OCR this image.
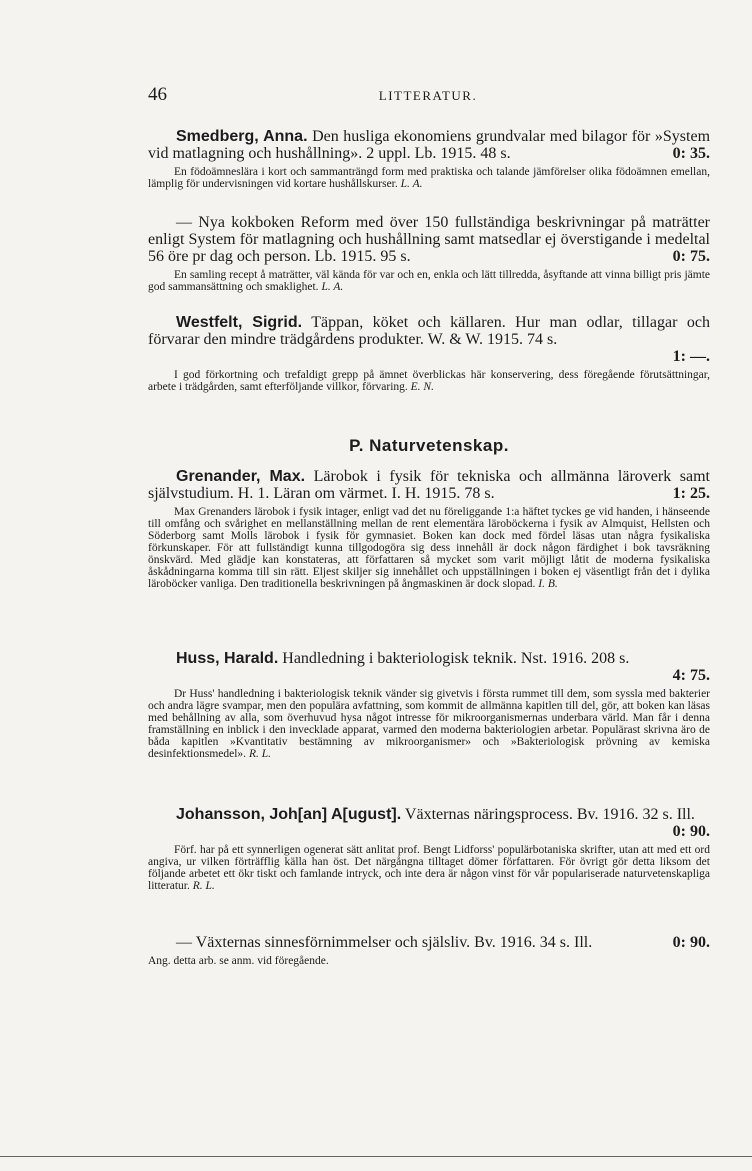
46	LITTERATUR.

Smedberg, Anna. Den husliga ekonomiens grundvalar med bilagor för »System vid matlagning och hushållning». 2 uppl. Lb. 1915. 48 s.	0: 35.

En födoämneslära i kort och sammanträngd form med praktiska och talande jämförelser olika födoämnen emellan, lämplig för undervisningen vid kortare hushållskurser. L. A.

— Nya kokboken Reform med över 150 fullständiga beskrivningar på maträtter enligt System för matlagning och hushållning samt matsedlar ej överstigande i medeltal 56 öre pr dag och person. Lb. 1915. 95 s.	0: 75.

En samling recept å maträtter, väl kända för var och en, enkla och lätt tillredda, åsyftande att vinna billigt pris jämte god sammansättning och smaklighet. L. A.

Westfelt, Sigrid. Täppan, köket och källaren. Hur man odlar, tillagar och förvarar den mindre trädgårdens produkter. W. & W. 1915. 74 s.

1: —.

I god förkortning och trefaldigt grepp på ämnet överblickas här konservering, dess föregående förutsättningar, arbete i trädgården, samt efterföljande villkor, förvaring. E. N.

P. Naturvetenskap.

Grenander, Max. Lärobok i fysik för tekniska och allmänna läroverk samt självstudium. H. 1. Läran om värmet. I. H. 1915. 78 s.	1: 25.

Max Grenanders lärobok i fysik intager, enligt vad det nu föreliggande 1:a häftet tyckes ge vid handen, i hänseende till omfång och svårighet en mellanställning mellan de rent elementära läroböckerna i fysik av Almquist, Hellsten och Söderborg samt Molls lärobok i fysik för gymnasiet. Boken kan dock med fördel läsas utan några fysikaliska förkunskaper. För att fullständigt kunna tillgodogöra sig dess innehåll är dock någon färdighet i bok tavsräkning önskvärd. Med glädje kan konstateras, att författaren så mycket som varit möjligt låtit de moderna fysikaliska åskådningarna komma till sin rätt. Eljest skiljer sig innehållet och uppställningen i boken ej väsentligt från det i dylika läroböcker vanliga. Den traditionella beskrivningen på ångmaskinen är dock slopad. I. B.

Huss, Harald. Handledning i bakteriologisk teknik. Nst. 1916. 208 s.

4: 75.

Dr Huss' handledning i bakteriologisk teknik vänder sig givetvis i första rummet till dem, som syssla med bakterier och andra lägre svampar, men den populära avfattning, som kommit de allmänna kapitlen till del, gör, att boken kan läsas med behållning av alla, som överhuvud hysa något intresse för mikroorganismernas underbara värld. Man får i denna framställning en inblick i den invecklade apparat, varmed den moderna bakteriologien arbetar. Populärast skrivna äro de båda kapitlen »Kvantitativ bestämning av mikroorganismer» och »Bakteriologisk prövning av kemiska desinfektionsmedel». R. L.

Johansson, Joh[an] A[ugust]. Växternas näringsprocess. Bv. 1916. 32 s. Ill.

0: 90.

Förf. har på ett synnerligen ogenerat sätt anlitat prof. Bengt Lidforss' populärbotaniska skrifter, utan att med ett ord angiva, ur vilken förträfflig källa han öst. Det närgångna tilltaget dömer författaren. För övrigt gör detta liksom det följande arbetet ett ökr tiskt och famlande intryck, och inte dera är någon vinst för vår populariserade naturvetenskapliga litteratur. R. L.

— Växternas sinnesförnimmelser och själsliv. Bv. 1916. 34 s. Ill.	0: 90.

Ang. detta arb. se anm. vid föregående.
